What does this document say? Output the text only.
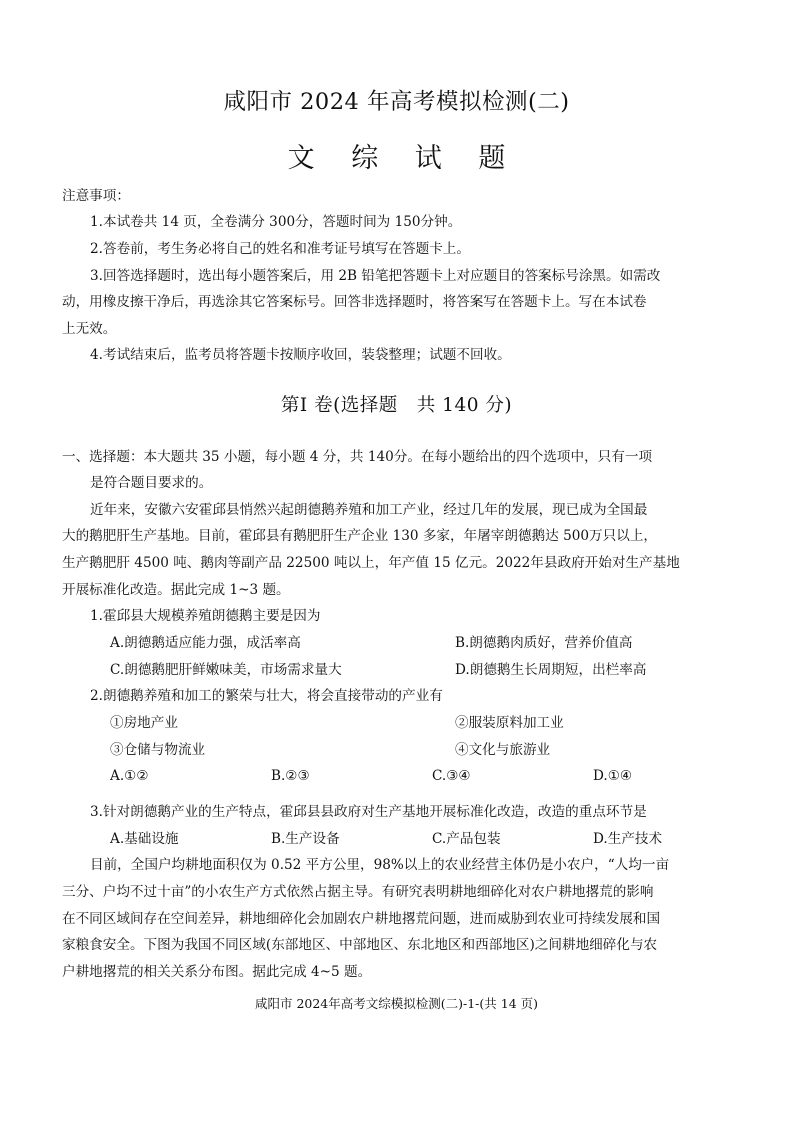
咸阳市 2024 年高考模拟检测(二)
文 综 试 题
注意事项：
1.本试卷共 14 页，全卷满分 300分，答题时间为 150分钟。
2.答卷前，考生务必将自己的姓名和准考证号填写在答题卡上。
3.回答选择题时，选出每小题答案后，用 2B 铅笔把答题卡上对应题目的答案标号涂黑。如需改
动，用橡皮擦干净后，再选涂其它答案标号。回答非选择题时，将答案写在答题卡上。写在本试卷
上无效。
4.考试结束后，监考员将答题卡按顺序收回，装袋整理；试题不回收。
第Ⅰ 卷(选择题　共 140 分)
一、选择题：本大题共 35 小题，每小题 4 分，共 140分。在每小题给出的四个选项中，只有一项
是符合题目要求的。
近年来，安徽六安霍邱县悄然兴起朗德鹅养殖和加工产业，经过几年的发展，现已成为全国最
大的鹅肥肝生产基地。目前，霍邱县有鹅肥肝生产企业 130 多家，年屠宰朗德鹅达 500万只以上，
生产鹅肥肝 4500 吨、鹅肉等副产品 22500 吨以上，年产值 15 亿元。2022年县政府开始对生产基地
开展标准化改造。据此完成 1~3 题。
1.霍邱县大规模养殖朗德鹅主要是因为
A.朗德鹅适应能力强，成活率高	B.朗德鹅肉质好，营养价值高
C.朗德鹅肥肝鲜嫩味美，市场需求量大	D.朗德鹅生长周期短，出栏率高
2.朗德鹅养殖和加工的繁荣与壮大，将会直接带动的产业有
①房地产业	②服装原料加工业
③仓储与物流业	④文化与旅游业
A.①②	B.②③	C.③④	D.①④
3.针对朗德鹅产业的生产特点，霍邱县县政府对生产基地开展标准化改造，改造的重点环节是
A.基础设施	B.生产设备	C.产品包装	D.生产技术
目前，全国户均耕地面积仅为 0.52 平方公里，98%以上的农业经营主体仍是小农户，“人均一亩
三分、户均不过十亩”的小农生产方式依然占据主导。有研究表明耕地细碎化对农户耕地撂荒的影响
在不同区域间存在空间差异，耕地细碎化会加剧农户耕地撂荒问题，进而威胁到农业可持续发展和国
家粮食安全。下图为我国不同区域(东部地区、中部地区、东北地区和西部地区)之间耕地细碎化与农
户耕地撂荒的相关关系分布图。据此完成 4~5 题。
咸阳市 2024年高考文综模拟检测(二)-1-(共 14 页)
